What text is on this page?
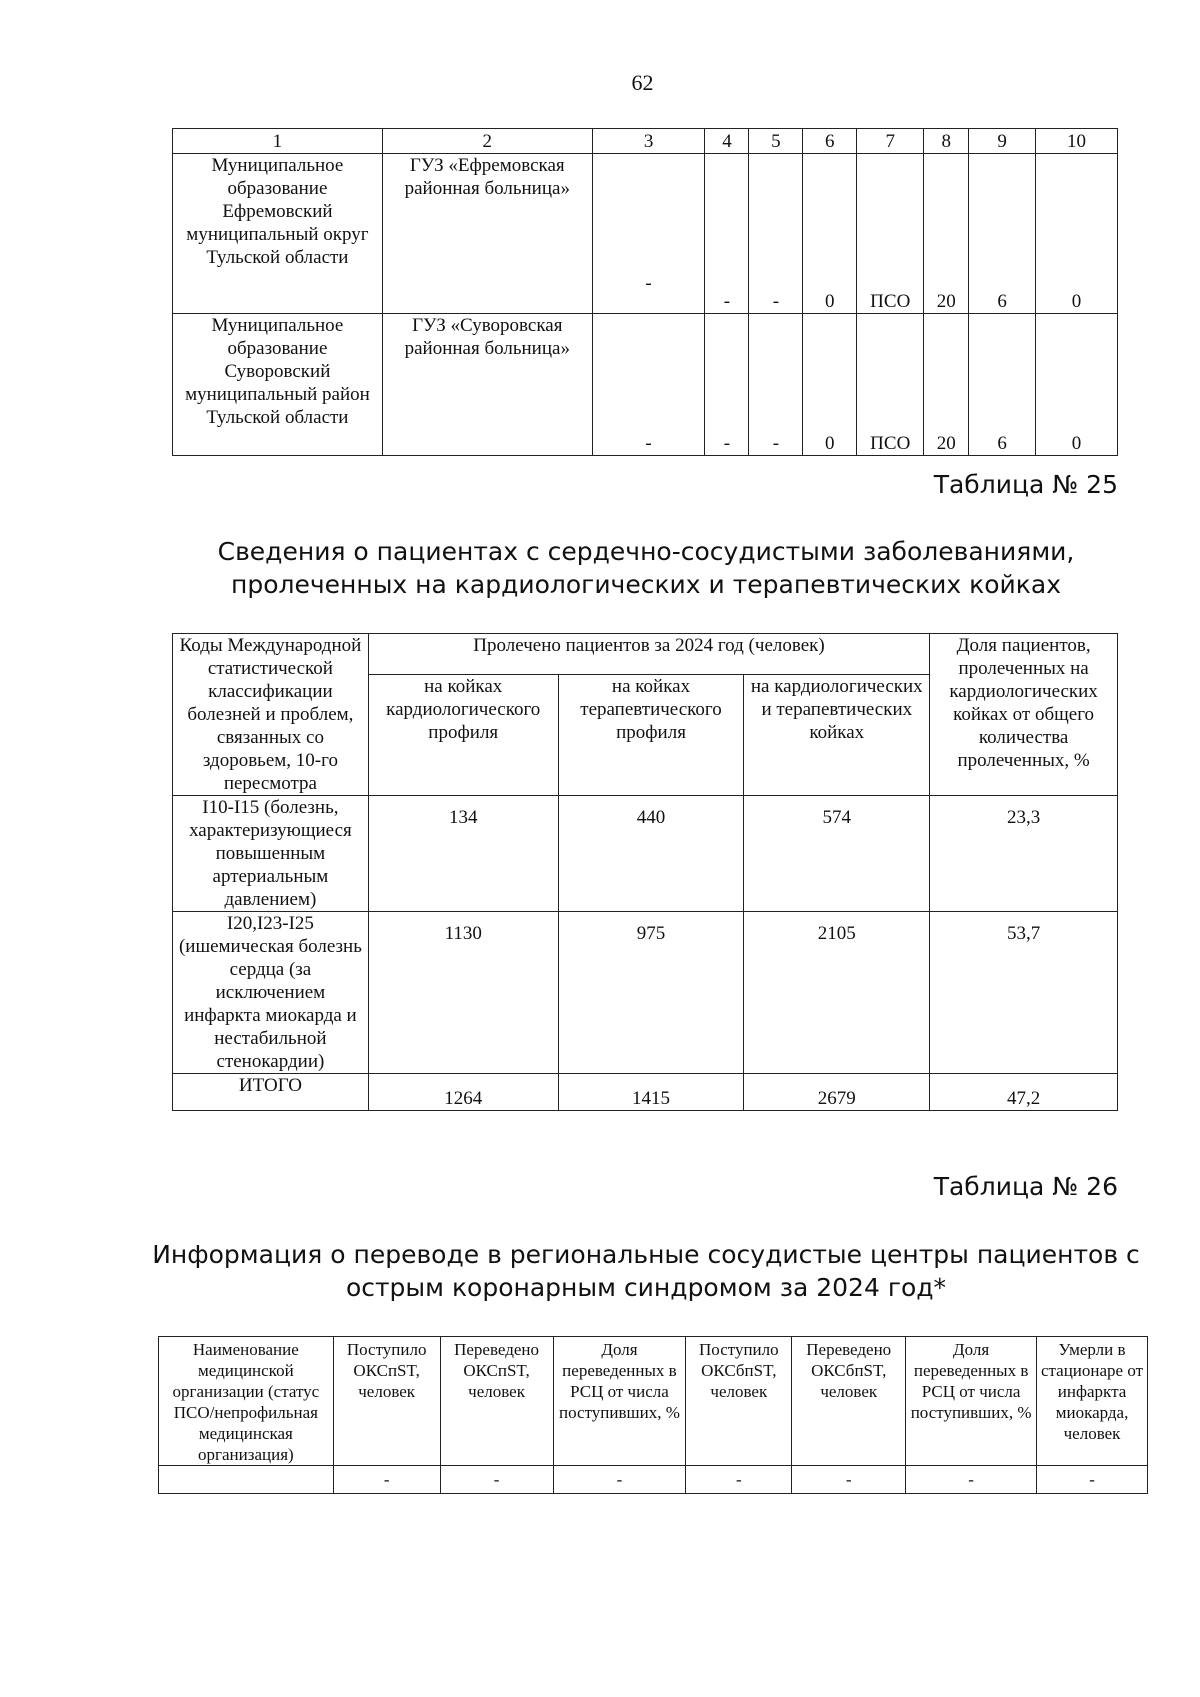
62
1	2	3	4	5	6	7	8	9	10
Муниципальное образование Ефремовский муниципальный округ Тульской области	ГУЗ «Ефремовская районная больница»	-	-	-	0	ПСО	20	6	0
Муниципальное образование Суворовский муниципальный район Тульской области	ГУЗ «Суворовская районная больница»	-	-	-	0	ПСО	20	6	0
Таблица № 25
Сведения о пациентах с сердечно-сосудистыми заболеваниями,
пролеченных на кардиологических и терапевтических койках
Коды Международной статистической классификации болезней и проблем, связанных со здоровьем, 10-го пересмотра	Пролечено пациентов за 2024 год (человек)			Доля пациентов, пролеченных на кардиологических койках от общего количества пролеченных, %
	на койках кардиологического профиля	на койках терапевтического профиля	на кардиологических и терапевтических койках	
I10-I15 (болезнь, характеризующиеся повышенным артериальным давлением)	134	440	574	23,3
I20,I23-I25 (ишемическая болезнь сердца (за исключением инфаркта миокарда и нестабильной стенокардии)	1130	975	2105	53,7
ИТОГО	1264	1415	2679	47,2
Таблица № 26
Информация о переводе в региональные сосудистые центры пациентов с
острым коронарным синдромом за 2024 год*
Наименование медицинской организации (статус ПСО/непрофильная медицинская организация)	Поступило ОКСпST, человек	Переведено ОКСпST, человек	Доля переведенных в РСЦ от числа поступивших, %	Поступило ОКСбпST, человек	Переведено ОКСбпST, человек	Доля переведенных в РСЦ от числа поступивших, %	Умерли в стационаре от инфаркта миокарда, человек
	-	-	-	-	-	-	-
